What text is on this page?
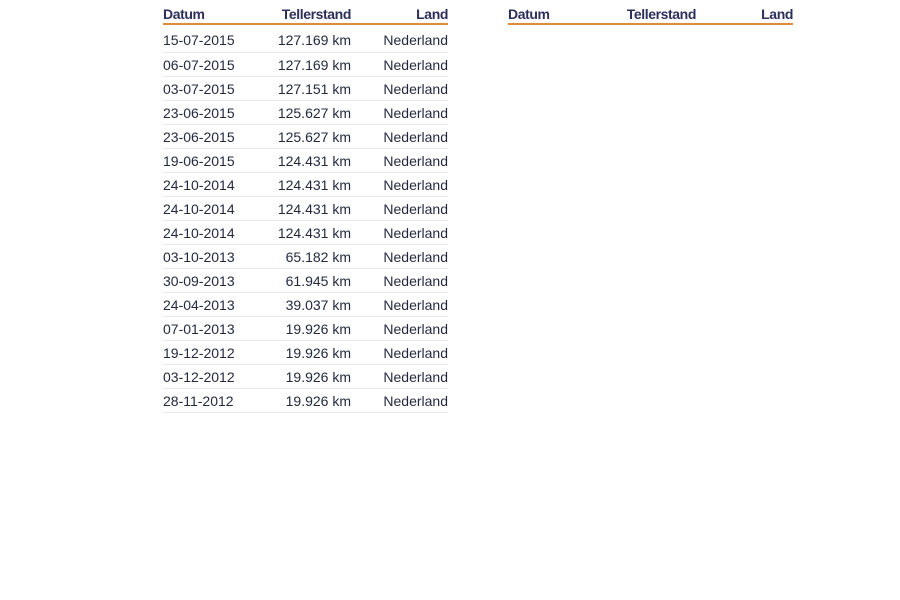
Datum	Tellerstand	Land
15-07-2015	127.169 km	Nederland
06-07-2015	127.169 km	Nederland
03-07-2015	127.151 km	Nederland
23-06-2015	125.627 km	Nederland
23-06-2015	125.627 km	Nederland
19-06-2015	124.431 km	Nederland
24-10-2014	124.431 km	Nederland
24-10-2014	124.431 km	Nederland
24-10-2014	124.431 km	Nederland
03-10-2013	65.182 km	Nederland
30-09-2013	61.945 km	Nederland
24-04-2013	39.037 km	Nederland
07-01-2013	19.926 km	Nederland
19-12-2012	19.926 km	Nederland
03-12-2012	19.926 km	Nederland
28-11-2012	19.926 km	Nederland
Datum	Tellerstand	Land
